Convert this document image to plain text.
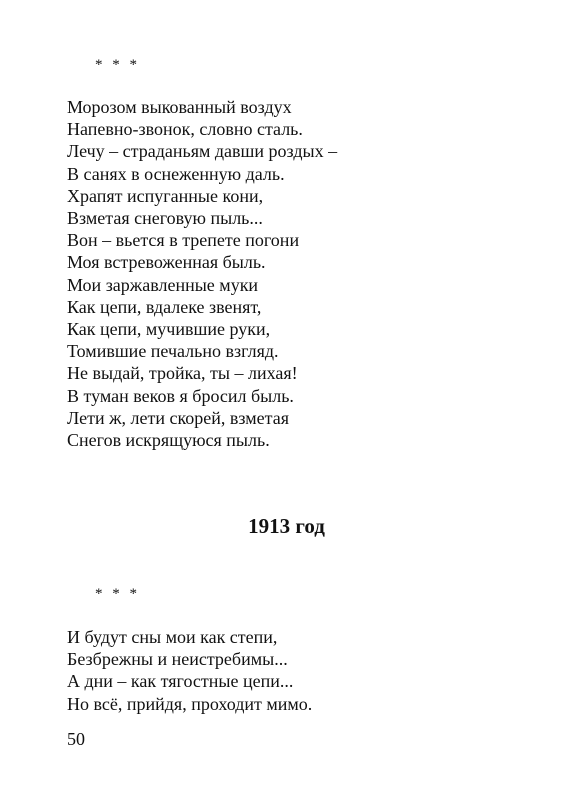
* * *
Морозом выкованный воздух
Напевно-звонок, словно сталь.
Лечу – страданьям давши роздых –
В санях в оснеженную даль.
Храпят испуганные кони,
Взметая снеговую пыль...
Вон – вьется в трепете погони
Моя встревоженная быль.
Мои заржавленные муки
Как цепи, вдалеке звенят,
Как цепи, мучившие руки,
Томившие печально взгляд.
Не выдай, тройка, ты – лихая!
В туман веков я бросил быль.
Лети ж, лети скорей, взметая
Снегов искрящуюся пыль.
1913 год
* * *
И будут сны мои как степи,
Безбрежны и неистребимы...
А дни – как тягостные цепи...
Но всё, прийдя, проходит мимо.
50
